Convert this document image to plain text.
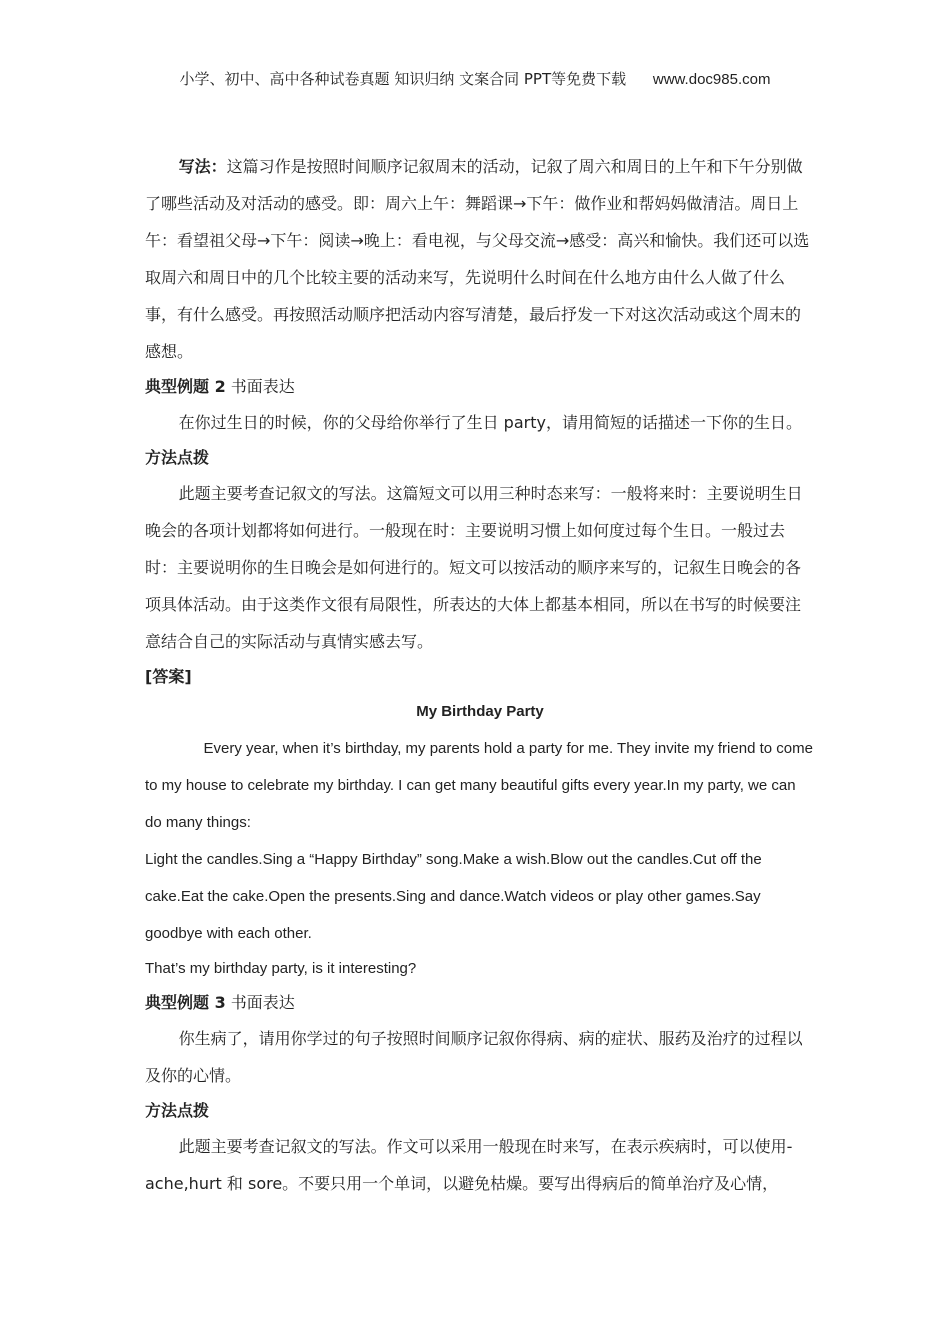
小学、初中、高中各种试卷真题 知识归纳 文案合同 PPT等免费下载 www.doc985.com

写法：这篇习作是按照时间顺序记叙周末的活动，记叙了周六和周日的上午和下午分别做了哪些活动及对活动的感受。即：周六上午：舞蹈课→下午：做作业和帮妈妈做清洁。周日上午：看望祖父母→下午：阅读→晚上：看电视，与父母交流→感受：高兴和愉快。我们还可以选取周六和周日中的几个比较主要的活动来写，先说明什么时间在什么地方由什么人做了什么事，有什么感受。再按照活动顺序把活动内容写清楚，最后抒发一下对这次活动或这个周末的感想。

典型例题 2 书面表达

在你过生日的时候，你的父母给你举行了生日 party，请用简短的话描述一下你的生日。

方法点拨

此题主要考查记叙文的写法。这篇短文可以用三种时态来写：一般将来时：主要说明生日晚会的各项计划都将如何进行。一般现在时：主要说明习惯上如何度过每个生日。一般过去时：主要说明你的生日晚会是如何进行的。短文可以按活动的顺序来写的，记叙生日晚会的各项具体活动。由于这类作文很有局限性，所表达的大体上都基本相同，所以在书写的时候要注意结合自己的实际活动与真情实感去写。

[答案]

My Birthday Party

Every year, when it’s birthday, my parents hold a party for me. They invite my friend to come to my house to celebrate my birthday. I can get many beautiful gifts every year.In my party, we can do many things:

Light the candles.Sing a “Happy Birthday” song.Make a wish.Blow out the candles.Cut off the cake.Eat the cake.Open the presents.Sing and dance.Watch videos or play other games.Say goodbye with each other.

That’s my birthday party, is it interesting?

典型例题 3 书面表达

你生病了，请用你学过的句子按照时间顺序记叙你得病、病的症状、服药及治疗的过程以及你的心情。

方法点拨

此题主要考查记叙文的写法。作文可以采用一般现在时来写，在表示疾病时，可以使用-ache,hurt 和 sore。不要只用一个单词，以避免枯燥。要写出得病后的简单治疗及心情，
